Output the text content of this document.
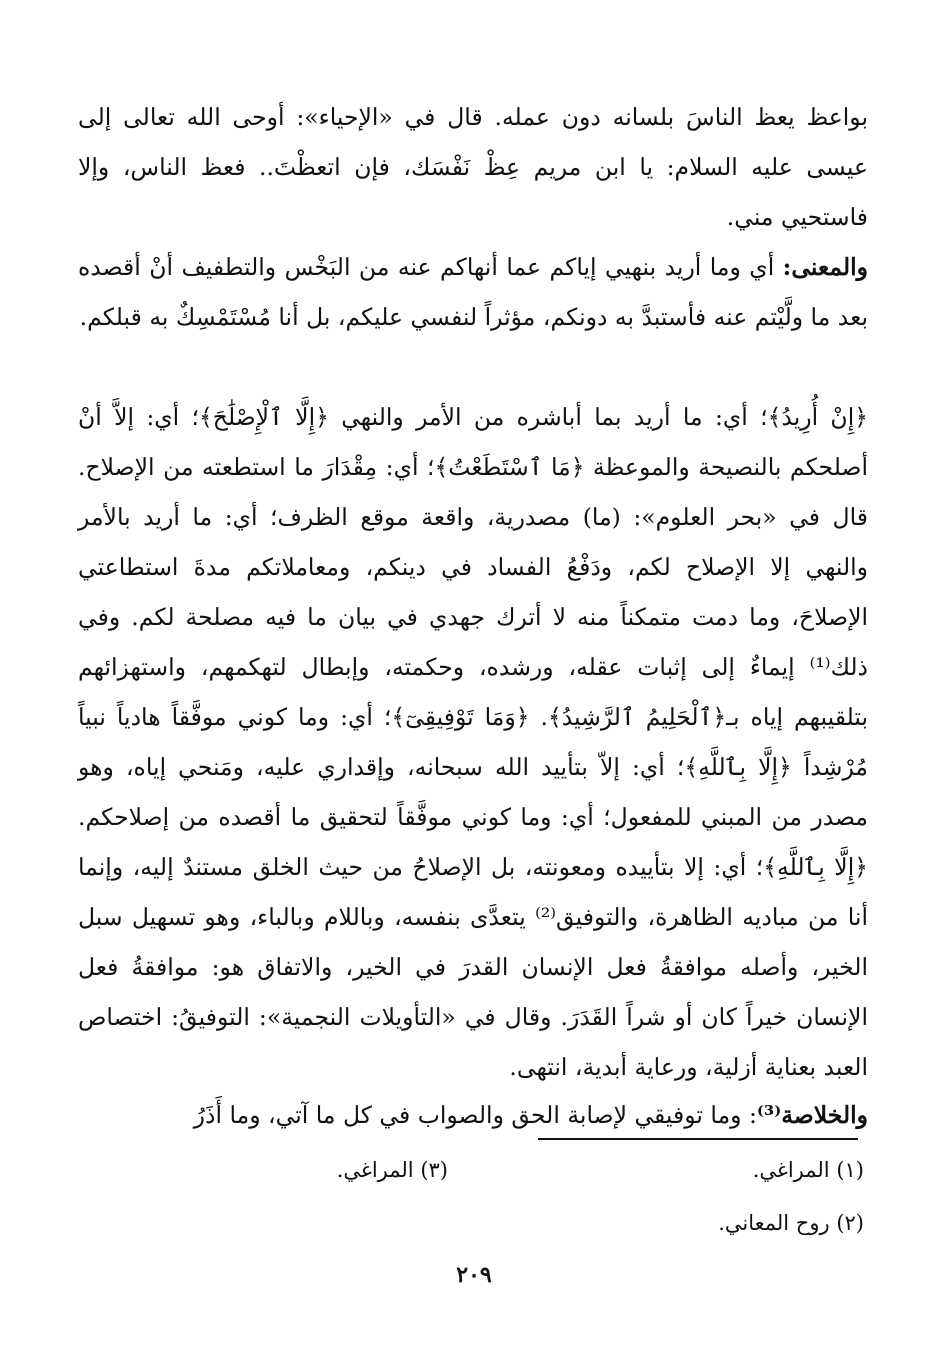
بواعظ يعظ الناسَ بلسانه دون عمله. قال في «الإحياء»: أوحى الله تعالى إلى عيسى عليه السلام: يا ابن مريم عِظْ نَفْسَك، فإن اتعظْتَ.. فعظ الناس، وإلا فاستحيي مني.

والمعنى: أي وما أريد بنهيي إياكم عما أنهاكم عنه من البَخْس والتطفيف أنْ أقصده بعد ما ولَّيْتم عنه فأستبدَّ به دونكم، مؤثراً لنفسي عليكم، بل أنا مُسْتَمْسِكٌ به قبلكم.

﴿إِنْ أُرِيدُ﴾؛ أي: ما أريد بما أباشره من الأمر والنهي ﴿إِلَّا ٱلْإِصْلَٰحَ﴾؛ أي: إلاَّ أنْ أصلحكم بالنصيحة والموعظة ﴿مَا ٱسْتَطَعْتُ﴾؛ أي: مِقْدَارَ ما استطعته من الإصلاح. قال في «بحر العلوم»: (ما) مصدرية، واقعة موقع الظرف؛ أي: ما أريد بالأمر والنهي إلا الإصلاح لكم، ودَفْعُ الفساد في دينكم، ومعاملاتكم مدةَ استطاعتي الإصلاحَ، وما دمت متمكناً منه لا أترك جهدي في بيان ما فيه مصلحة لكم. وفي ذلك⁽¹⁾ إيماءٌ إلى إثبات عقله، ورشده، وحكمته، وإبطال لتهكمهم، واستهزائهم بتلقيبهم إياه بـ﴿ٱلْحَلِيمُ ٱلرَّشِيدُ﴾. ﴿وَمَا تَوْفِيقِىٓ﴾؛ أي: وما كوني موفَّقاً هادياً نبياً مُرْشِداً ﴿إِلَّا بِٱللَّهِ﴾؛ أي: إلاّ بتأييد الله سبحانه، وإقداري عليه، ومَنحي إياه، وهو مصدر من المبني للمفعول؛ أي: وما كوني موفَّقاً لتحقيق ما أقصده من إصلاحكم. ﴿إِلَّا بِٱللَّهِ﴾؛ أي: إلا بتأييده ومعونته، بل الإصلاحُ من حيث الخلق مستندٌ إليه، وإنما أنا من مباديه الظاهرة، والتوفيق⁽²⁾ يتعدَّى بنفسه، وباللام وبالباء، وهو تسهيل سبل الخير، وأصله موافقةُ فعل الإنسان القدرَ في الخير، والاتفاق هو: موافقةُ فعل الإنسان خيراً كان أو شراً القَدَرَ. وقال في «التأويلات النجمية»: التوفيقُ: اختصاص العبد بعناية أزلية، ورعاية أبدية، انتهى.

والخلاصة⁽³⁾: وما توفيقي لإصابة الحق والصواب في كل ما آتي، وما أَذَرُ

(١) المراغي.
(٣) المراغي.
(٢) روح المعاني.
٢٠٩
